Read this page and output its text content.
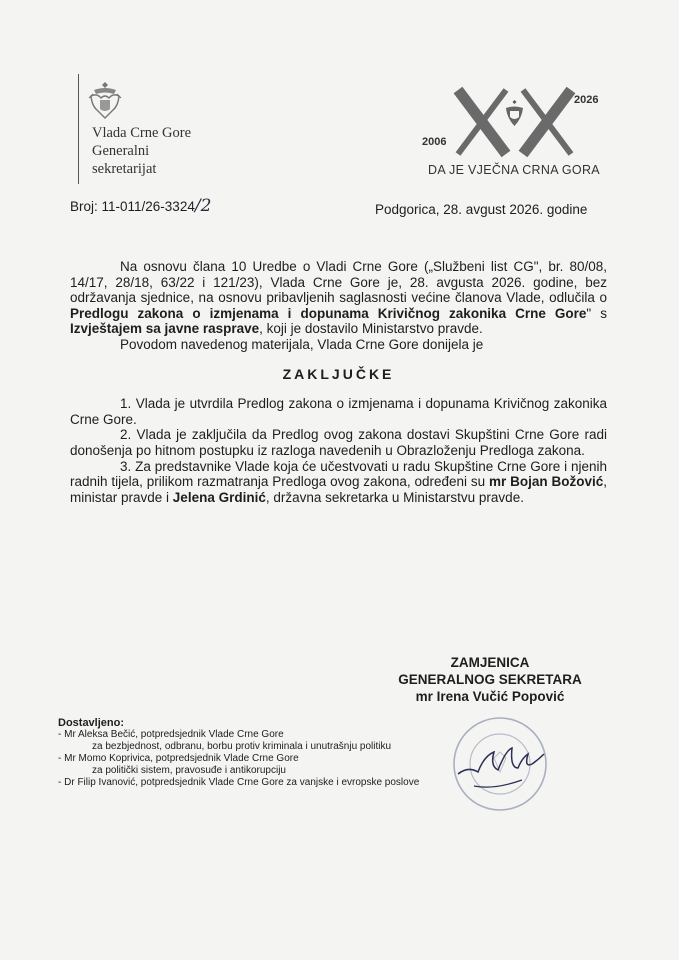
Vlada Crne Gore
Generalni
sekretarijat
2006
2026
DA JE VJEČNA CRNA GORA
Broj: 11-011/26-3324/2	Podgorica, 28. avgust 2026. godine

Na osnovu člana 10 Uredbe o Vladi Crne Gore („Službeni list CG", br. 80/08, 14/17, 28/18, 63/22 i 121/23), Vlada Crne Gore je, 28. avgusta 2026. godine, bez održavanja sjednice, na osnovu pribavljenih saglasnosti većine članova Vlade, odlučila o Predlogu zakona o izmjenama i dopunama Krivičnog zakonika Crne Gore" s Izvještajem sa javne rasprave, koji je dostavilo Ministarstvo pravde.

Povodom navedenog materijala, Vlada Crne Gore donijela je

ZAKLJUČKE

1. Vlada je utvrdila Predlog zakona o izmjenama i dopunama Krivičnog zakonika Crne Gore.

2. Vlada je zaključila da Predlog ovog zakona dostavi Skupštini Crne Gore radi donošenja po hitnom postupku iz razloga navedenih u Obrazloženju Predloga zakona.

3. Za predstavnike Vlade koja će učestvovati u radu Skupštine Crne Gore i njenih radnih tijela, prilikom razmatranja Predloga ovog zakona, određeni su mr Bojan Božović, ministar pravde i Jelena Grdinić, državna sekretarka u Ministarstvu pravde.

ZAMJENICA
GENERALNOG SEKRETARA
mr Irena Vučić Popović
Dostavljeno:
- Mr Aleksa Bečić, potpredsjednik Vlade Crne Gore
za bezbjednost, odbranu, borbu protiv kriminala i unutrašnju politiku
- Mr Momo Koprivica, potpredsjednik Vlade Crne Gore
za politički sistem, pravosuđe i antikorupciju
- Dr Filip Ivanović, potpredsjednik Vlade Crne Gore za vanjske i evropske poslove
